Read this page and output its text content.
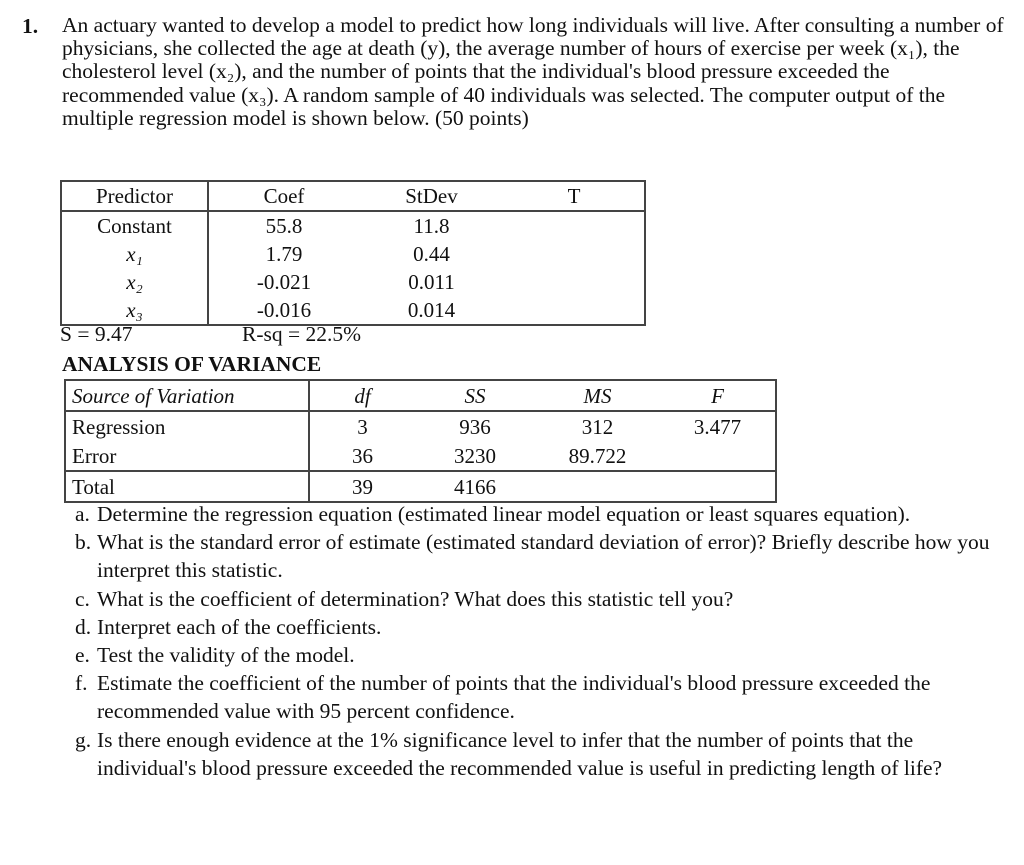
1. An actuary wanted to develop a model to predict how long individuals will live. After consulting a number of physicians, she collected the age at death (y), the average number of hours of exercise per week (x₁), the cholesterol level (x₂), and the number of points that the individual's blood pressure exceeded the recommended value (x₃). A random sample of 40 individuals was selected. The computer output of the multiple regression model is shown below. (50 points)
Predictor	Coef	StDev	T
Constant	55.8	11.8	
x₁	1.79	0.44	
x₂	-0.021	0.011	
x₃	-0.016	0.014	
S = 9.47	R-sq = 22.5%
ANALYSIS OF VARIANCE
Source of Variation	df	SS	MS	F
Regression	3	936	312	3.477
Error	36	3230	89.722	
Total	39	4166		
a. Determine the regression equation (estimated linear model equation or least squares equation).
b. What is the standard error of estimate (estimated standard deviation of error)? Briefly describe how you interpret this statistic.
c. What is the coefficient of determination? What does this statistic tell you?
d. Interpret each of the coefficients.
e. Test the validity of the model.
f. Estimate the coefficient of the number of points that the individual's blood pressure exceeded the recommended value with 95 percent confidence.
g. Is there enough evidence at the 1% significance level to infer that the number of points that the individual's blood pressure exceeded the recommended value is useful in predicting length of life?
